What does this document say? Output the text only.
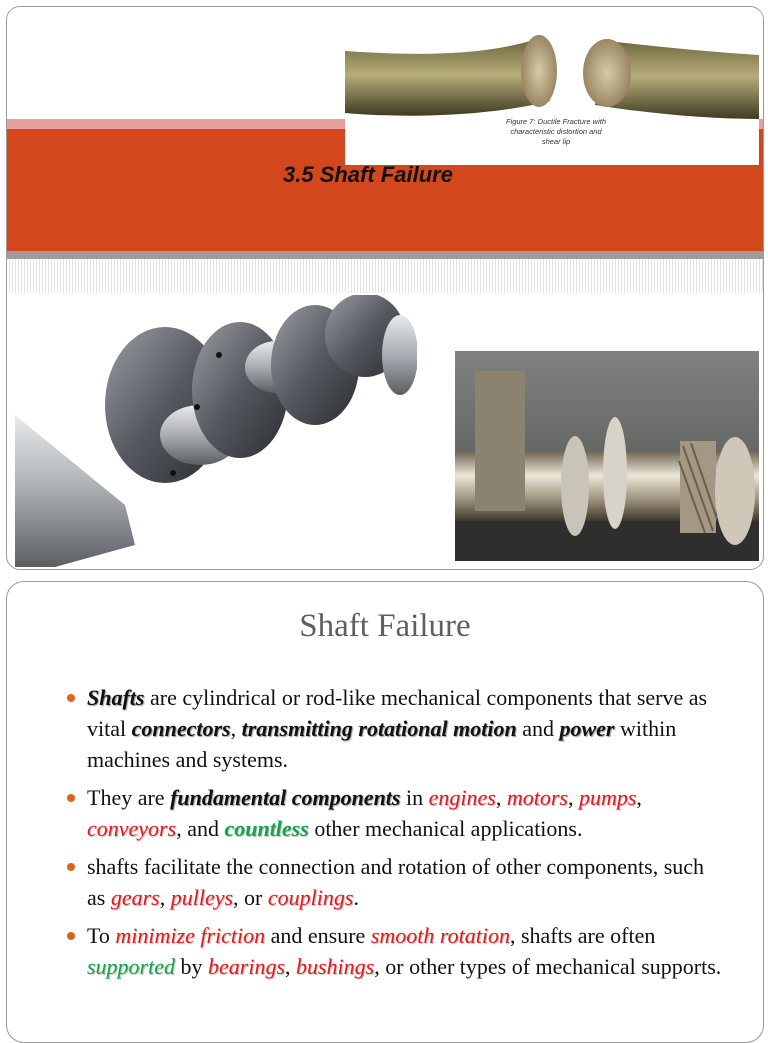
Figure 7: Ductile Fracture with characteristic distortion and shear lip
3.5 Shaft Failure
Shaft Failure
Shafts are cylindrical or rod-like mechanical components that serve as vital connectors, transmitting rotational motion and power within machines and systems.
They are fundamental components in engines, motors, pumps, conveyors, and countless other mechanical applications.
shafts facilitate the connection and rotation of other components, such as gears, pulleys, or couplings.
To minimize friction and ensure smooth rotation, shafts are often supported by bearings, bushings, or other types of mechanical supports.
